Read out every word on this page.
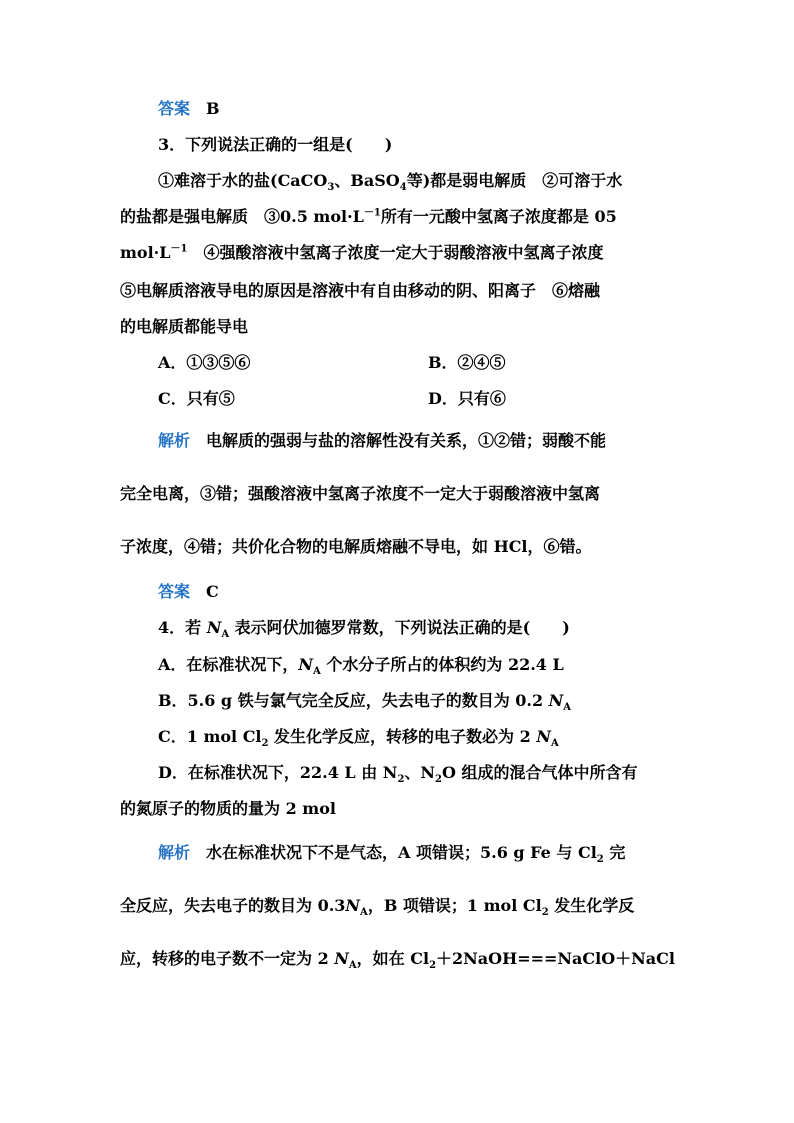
答案 B
3．下列说法正确的一组是(　　)
①难溶于水的盐(CaCO$_3$、BaSO$_4$等)都是弱电解质　②可溶于水
的盐都是强电解质　③0.5 $mol\cdot L^{-1}$所有一元酸中氢离子浓度都是 05
$mol\cdot L^{-1}$　④强酸溶液中氢离子浓度一定大于弱酸溶液中氢离子浓度
⑤电解质溶液导电的原因是溶液中有自由移动的阴、阳离子　⑥熔融
的电解质都能导电
A．①③⑤⑥	B．②④⑤
C．只有⑤	D．只有⑥
解析 电解质的强弱与盐的溶解性没有关系，①②错；弱酸不能
完全电离，③错；强酸溶液中氢离子浓度不一定大于弱酸溶液中氢离
子浓度，④错；共价化合物的电解质熔融不导电，如 HCl，⑥错。
答案 C
4．若 $N_A$ 表示阿伏加德罗常数，下列说法正确的是(　　)
A．在标准状况下，$N_A$ 个水分子所占的体积约为 22.4 L
B．5.6 g 铁与氯气完全反应，失去电子的数目为 0.2 $N_A$
C．1 mol $Cl_2$ 发生化学反应，转移的电子数必为 2 $N_A$
D．在标准状况下，22.4 L 由 $N_2$、$N_2O$ 组成的混合气体中所含有
的氮原子的物质的量为 2 mol
解析 水在标准状况下不是气态，A 项错误；5.6 g Fe 与 $Cl_2$ 完
全反应，失去电子的数目为 $0.3N_A$，B 项错误；1 mol $Cl_2$ 发生化学反
应，转移的电子数不一定为 2 $N_A$，如在 $Cl_2+2NaOH===NaClO+NaCl$
